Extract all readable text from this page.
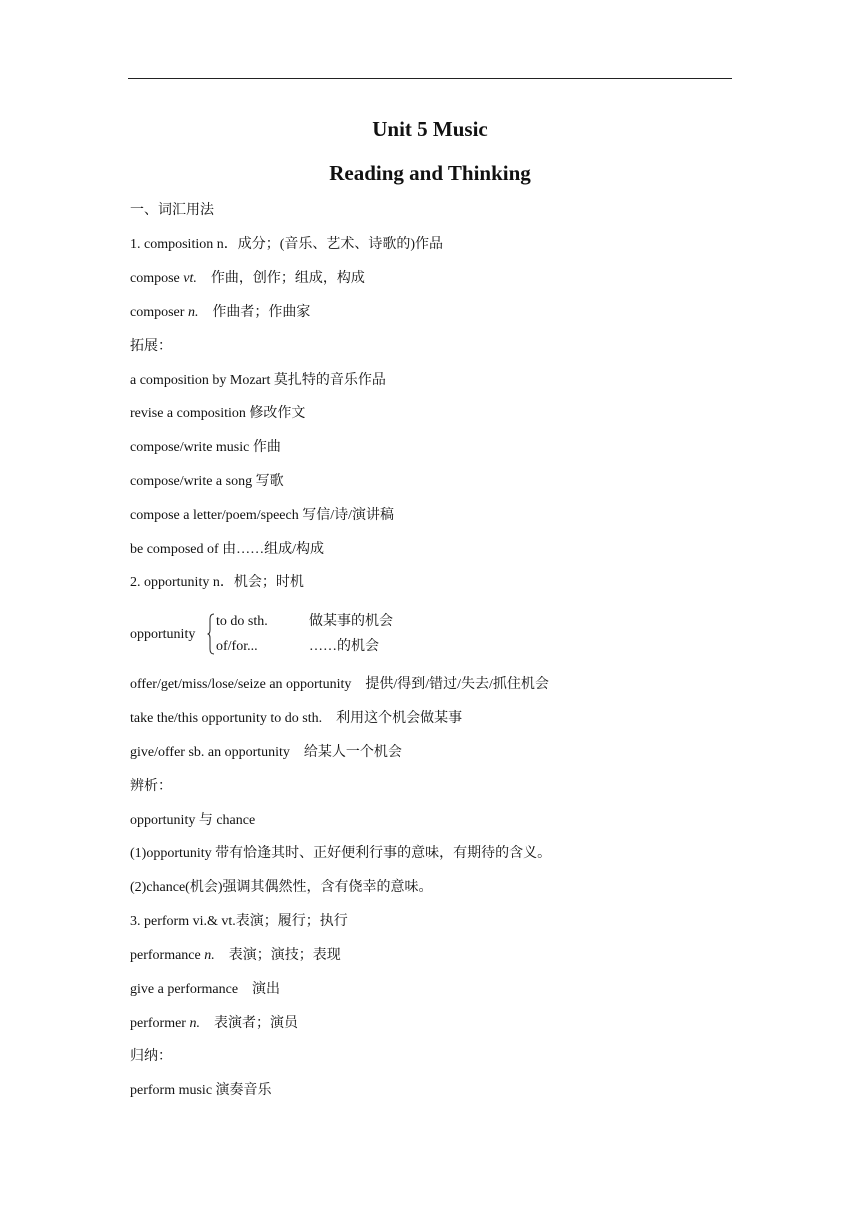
Unit 5 Music
Reading and Thinking
一、词汇用法
1. composition n．成分；(音乐、艺术、诗歌的)作品
compose vt.　作曲，创作；组成，构成
composer n.　作曲者；作曲家
拓展：
a composition by Mozart 莫扎特的音乐作品
revise a composition 修改作文
compose/write music 作曲
compose/write a song 写歌
compose a letter/poem/speech 写信/诗/演讲稿
be composed of 由……组成/构成
2. opportunity n．机会；时机
offer/get/miss/lose/seize an opportunity　提供/得到/错过/失去/抓住机会
take the/this opportunity to do sth.　利用这个机会做某事
give/offer sb. an opportunity　给某人一个机会
辨析：
opportunity 与 chance
(1)opportunity 带有恰逢其时、正好便利行事的意味，有期待的含义。
(2)chance(机会)强调其偶然性，含有侥幸的意味。
3. perform vi.& vt.表演；履行；执行
performance n.　表演；演技；表现
give a performance　演出
performer n.　表演者；演员
归纳：
perform music 演奏音乐
opportunity
to do sth.	做某事的机会
of/for...	……的机会
